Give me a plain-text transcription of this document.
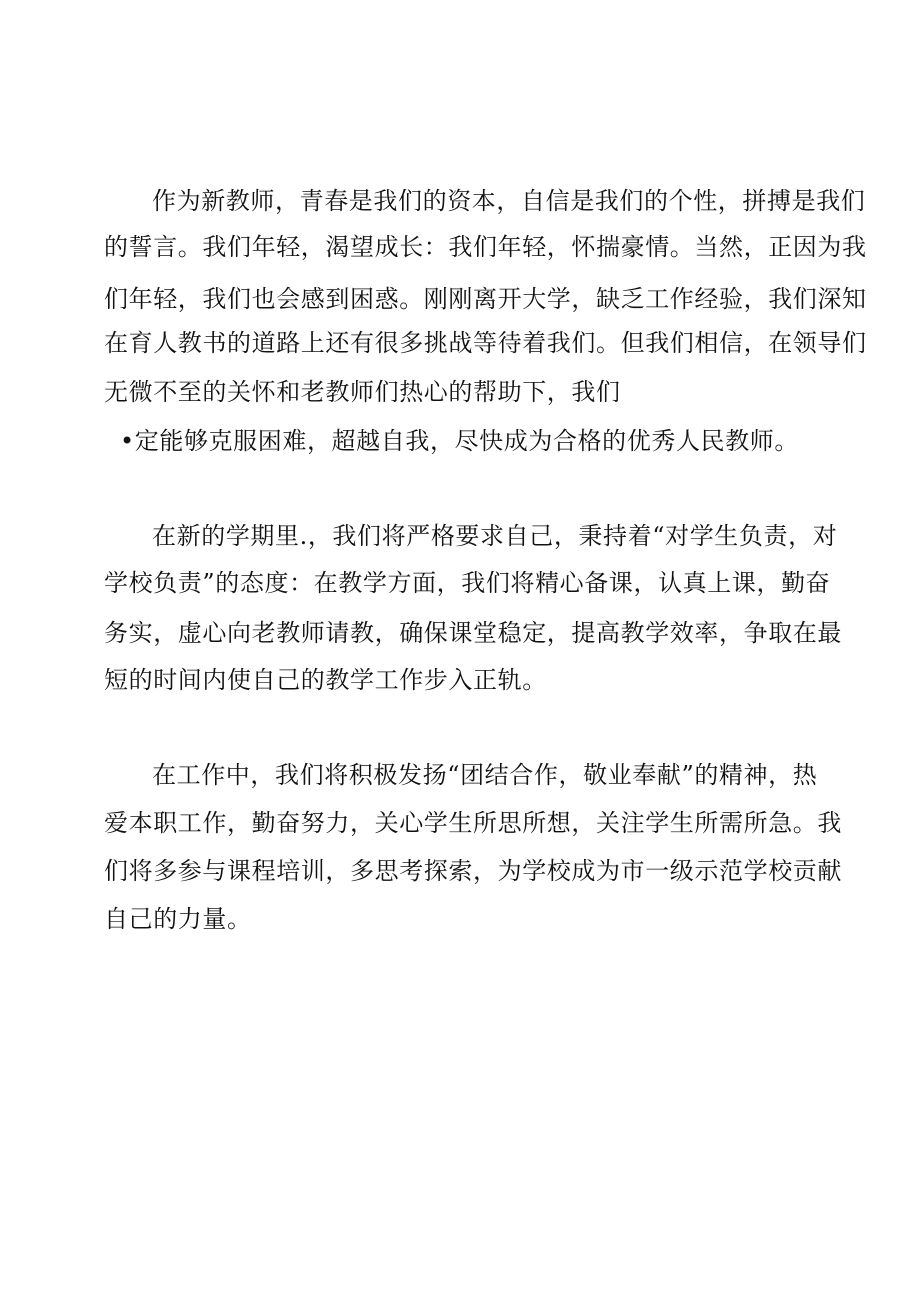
作为新教师，青春是我们的资本，自信是我们的个性，拼搏是我们
的誓言。我们年轻，渴望成长：我们年轻，怀揣豪情。当然，正因为我
们年轻，我们也会感到困惑。刚刚离开大学，缺乏工作经验，我们深知
在育人教书的道路上还有很多挑战等待着我们。但我们相信，在领导们
无微不至的关怀和老教师们热心的帮助下，我们
•定能够克服困难，超越自我，尽快成为合格的优秀人民教师。
在新的学期里.，我们将严格要求自己，秉持着“对学生负责，对
学校负责”的态度：在教学方面，我们将精心备课，认真上课，勤奋
务实，虚心向老教师请教，确保课堂稳定，提高教学效率，争取在最
短的时间内使自己的教学工作步入正轨。
在工作中，我们将积极发扬“团结合作，敬业奉献”的精神，热
爱本职工作，勤奋努力，关心学生所思所想，关注学生所需所急。我
们将多参与课程培训，多思考探索，为学校成为市一级示范学校贡献
自己的力量。
